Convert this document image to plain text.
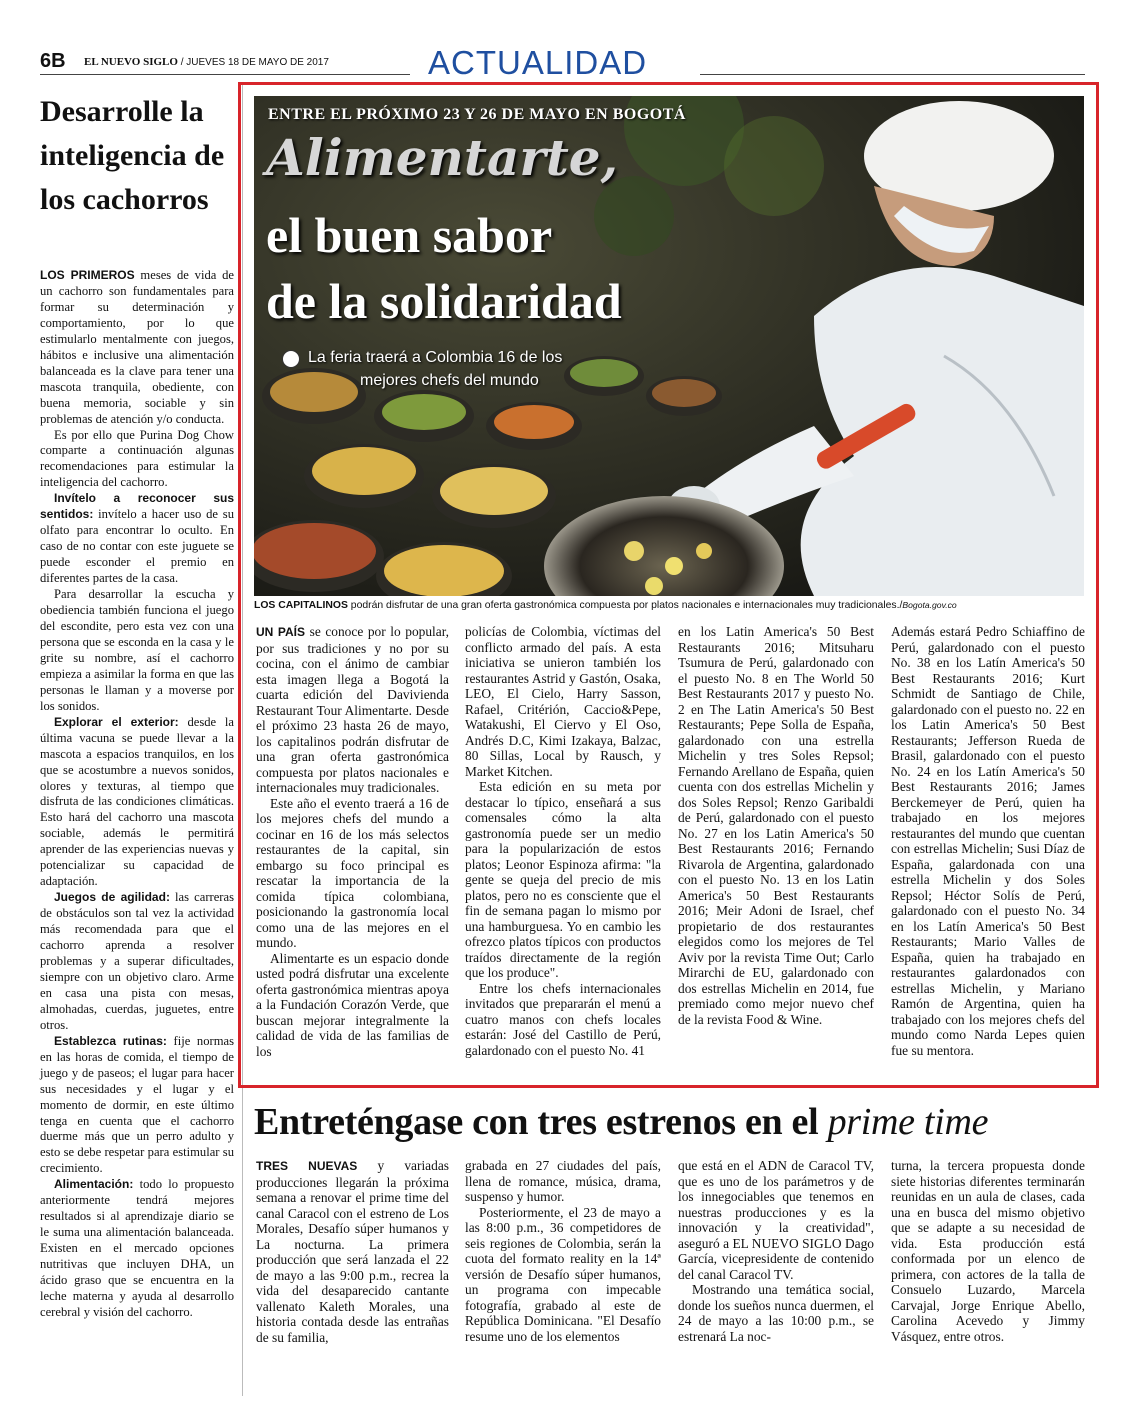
6B EL NUEVO SIGLO / JUEVES 18 DE MAYO DE 2017	ACTUALIDAD
Desarrolle la inteligencia de los cachorros

LOS PRIMEROS meses de vida de un cachorro son fundamentales para formar su determinación y comportamiento, por lo que estimularlo mentalmente con juegos, hábitos e inclusive una alimentación balanceada es la clave para tener una mascota tranquila, obediente, con buena memoria, sociable y sin problemas de atención y/o conducta.

Es por ello que Purina Dog Chow comparte a continuación algunas recomendaciones para estimular la inteligencia del cachorro.

Invítelo a reconocer sus sentidos: invítelo a hacer uso de su olfato para encontrar lo oculto. En caso de no contar con este juguete se puede esconder el premio en diferentes partes de la casa.

Para desarrollar la escucha y obediencia también funciona el juego del escondite, pero esta vez con una persona que se esconda en la casa y le grite su nombre, así el cachorro empieza a asimilar la forma en que las personas le llaman y a moverse por los sonidos.

Explorar el exterior: desde la última vacuna se puede llevar a la mascota a espacios tranquilos, en los que se acostumbre a nuevos sonidos, olores y texturas, al tiempo que disfruta de las condiciones climáticas. Esto hará del cachorro una mascota sociable, además le permitirá aprender de las experiencias nuevas y potencializar su capacidad de adaptación.

Juegos de agilidad: las carreras de obstáculos son tal vez la actividad más recomendada para que el cachorro aprenda a resolver problemas y a superar dificultades, siempre con un objetivo claro. Arme en casa una pista con mesas, almohadas, cuerdas, juguetes, entre otros.

Establezca rutinas: fije normas en las horas de comida, el tiempo de juego y de paseos; el lugar para hacer sus necesidades y el lugar y el momento de dormir, en este último tenga en cuenta que el cachorro duerme más que un perro adulto y esto se debe respetar para estimular su crecimiento.

Alimentación: todo lo propuesto anteriormente tendrá mejores resultados si al aprendizaje diario se le suma una alimentación balanceada. Existen en el mercado opciones nutritivas que incluyen DHA, un ácido graso que se encuentra en la leche materna y ayuda al desarrollo cerebral y visión del cachorro.

ENTRE EL PRÓXIMO 23 Y 26 DE MAYO EN BOGOTÁ
Alimentarte,
el buen sabor
de la solidaridad
La feria traerá a Colombia 16 de los
mejores chefs del mundo
LOS CAPITALINOS podrán disfrutar de una gran oferta gastronómica compuesta por platos nacionales e internacionales muy tradicionales./Bogota.gov.co

UN PAÍS se conoce por lo popular, por sus tradiciones y no por su cocina, con el ánimo de cambiar esta imagen llega a Bogotá la cuarta edición del Davivienda Restaurant Tour Alimentarte. Desde el próximo 23 hasta 26 de mayo, los capitalinos podrán disfrutar de una gran oferta gastronómica compuesta por platos nacionales e internacionales muy tradicionales.

Este año el evento traerá a 16 de los mejores chefs del mundo a cocinar en 16 de los más selectos restaurantes de la capital, sin embargo su foco principal es rescatar la importancia de la comida típica colombiana, posicionando la gastronomía local como una de las mejores en el mundo.

Alimentarte es un espacio donde usted podrá disfrutar una excelente oferta gastronómica mientras apoya a la Fundación Corazón Verde, que buscan mejorar integralmente la calidad de vida de las familias de los

policías de Colombia, víctimas del conflicto armado del país. A esta iniciativa se unieron también los restaurantes Astrid y Gastón, Osaka, LEO, El Cielo, Harry Sasson, Rafael, Critérión, Caccio&Pepe, Watakushi, El Ciervo y El Oso, Andrés D.C, Kimi Izakaya, Balzac, 80 Sillas, Local by Rausch, y Market Kitchen.

Esta edición en su meta por destacar lo típico, enseñará a sus comensales cómo la alta gastronomía puede ser un medio para la popularización de estos platos; Leonor Espinoza afirma: "la gente se queja del precio de mis platos, pero no es consciente que el fin de semana pagan lo mismo por una hamburguesa. Yo en cambio les ofrezco platos típicos con productos traídos directamente de la región que los produce".

Entre los chefs internacionales invitados que prepararán el menú a cuatro manos con chefs locales estarán: José del Castillo de Perú, galardonado con el puesto No. 41

en los Latin America's 50 Best Restaurants 2016; Mitsuharu Tsumura de Perú, galardonado con el puesto No. 8 en The World 50 Best Restaurants 2017 y puesto No. 2 en The Latin America's 50 Best Restaurants; Pepe Solla de España, galardonado con una estrella Michelin y tres Soles Repsol; Fernando Arellano de España, quien cuenta con dos estrellas Michelin y dos Soles Repsol; Renzo Garibaldi de Perú, galardonado con el puesto No. 27 en los Latin America's 50 Best Restaurants 2016; Fernando Rivarola de Argentina, galardonado con el puesto No. 13 en los Latin America's 50 Best Restaurants 2016; Meir Adoni de Israel, chef propietario de dos restaurantes elegidos como los mejores de Tel Aviv por la revista Time Out; Carlo Mirarchi de EU, galardonado con dos estrellas Michelin en 2014, fue premiado como mejor nuevo chef de la revista Food & Wine.

Además estará Pedro Schiaffino de Perú, galardonado con el puesto No. 38 en los Latín America's 50 Best Restaurants 2016; Kurt Schmidt de Santiago de Chile, galardonado con el puesto no. 22 en los Latin America's 50 Best Restaurants; Jefferson Rueda de Brasil, galardonado con el puesto No. 24 en los Latín America's 50 Best Restaurants 2016; James Berckemeyer de Perú, quien ha trabajado en los mejores restaurantes del mundo que cuentan con estrellas Michelin; Susi Díaz de España, galardonada con una estrella Michelin y dos Soles Repsol; Héctor Solís de Perú, galardonado con el puesto No. 34 en los Latín America's 50 Best Restaurants; Mario Valles de España, quien ha trabajado en restaurantes galardonados con estrellas Michelin, y Mariano Ramón de Argentina, quien ha trabajado con los mejores chefs del mundo como Narda Lepes quien fue su mentora.

Entreténgase con tres estrenos en el prime time

TRES NUEVAS y variadas producciones llegarán la próxima semana a renovar el prime time del canal Caracol con el estreno de Los Morales, Desafío súper humanos y La nocturna. La primera producción que será lanzada el 22 de mayo a las 9:00 p.m., recrea la vida del desaparecido cantante vallenato Kaleth Morales, una historia contada desde las entrañas de su familia,

grabada en 27 ciudades del país, llena de romance, música, drama, suspenso y humor.

Posteriormente, el 23 de mayo a las 8:00 p.m., 36 competidores de seis regiones de Colombia, serán la cuota del formato reality en la 14ª versión de Desafío súper humanos, un programa con impecable fotografía, grabado al este de República Dominicana. "El Desafío resume uno de los elementos

que está en el ADN de Caracol TV, que es uno de los parámetros y de los innegociables que tenemos en nuestras producciones y es la innovación y la creatividad", aseguró a EL NUEVO SIGLO Dago García, vicepresidente de contenido del canal Caracol TV.

Mostrando una temática social, donde los sueños nunca duermen, el 24 de mayo a las 10:00 p.m., se estrenará La noc-

turna, la tercera propuesta donde siete historias diferentes terminarán reunidas en un aula de clases, cada una en busca del mismo objetivo que se adapte a su necesidad de vida. Esta producción está conformada por un elenco de primera, con actores de la talla de Consuelo Luzardo, Marcela Carvajal, Jorge Enrique Abello, Carolina Acevedo y Jimmy Vásquez, entre otros.
